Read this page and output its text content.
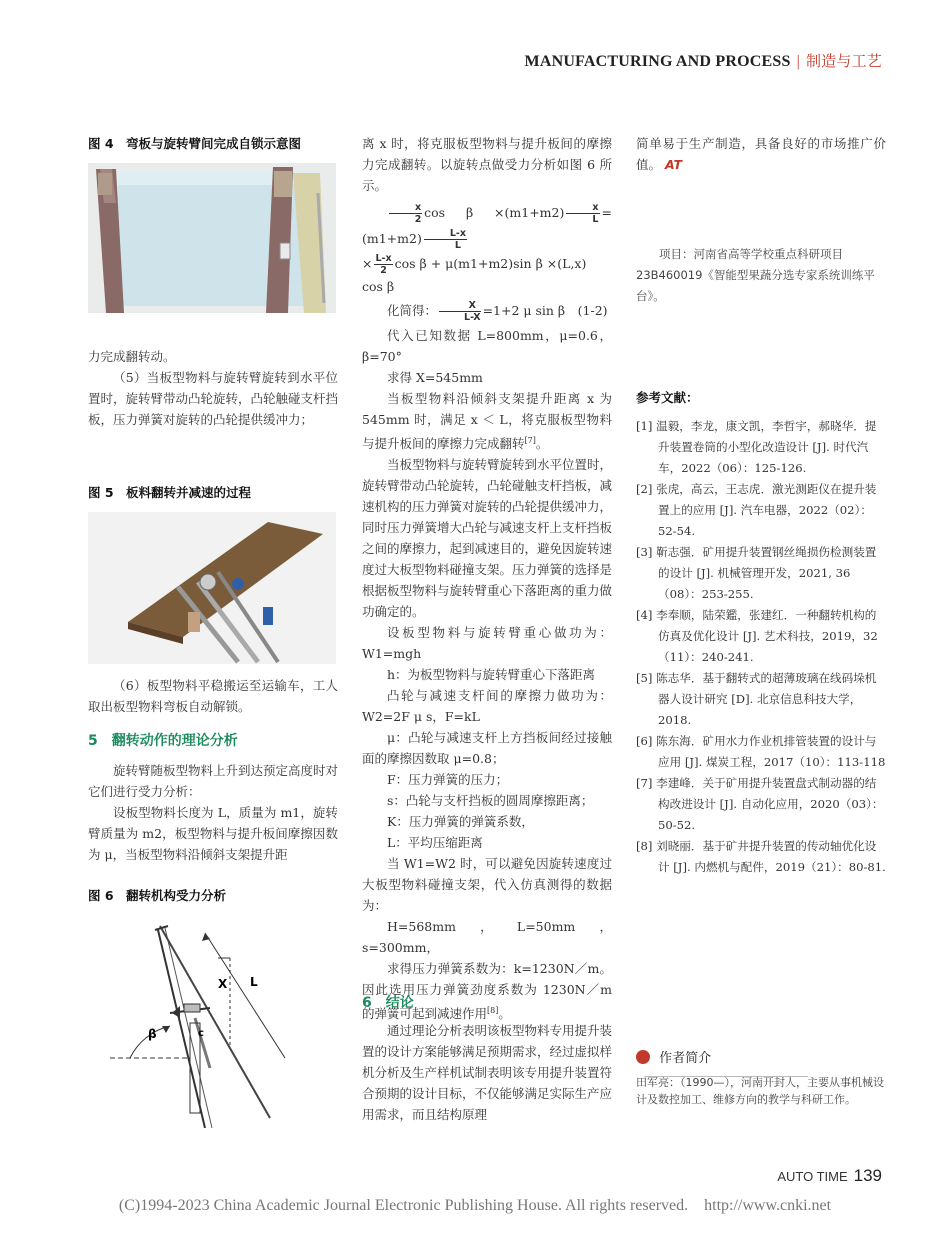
MANUFACTURING AND PROCESS | 制造与工艺
图 4　弯板与旋转臂间完成自锁示意图

力完成翻转动。

（5）当板型物料与旋转臂旋转到水平位置时，旋转臂带动凸轮旋转，凸轮触碰支杆挡板，压力弹簧对旋转的凸轮提供缓冲力；

图 5　板料翻转并减速的过程

（6）板型物料平稳搬运至运输车，工人取出板型物料弯板自动解锁。

5　翻转动作的理论分析

旋转臂随板型物料上升到达预定高度时对它们进行受力分析：

设板型物料长度为 L，质量为 m1，旋转臂质量为 m2，板型物料与提升板间摩擦因数为 μ，当板型物料沿倾斜支架提升距

图 6　翻转机构受力分析
X L
β	c

离 x 时，将克服板型物料与提升板间的摩擦力完成翻转。以旋转点做受力分析如图 6 所示。

$\frac{x}{2}$ $\cos \beta \times(m1+m2) \frac{x}{L} =(m1+m2) \frac{L-x}{L}$

× $\frac{L-x}{2}$ cos β + μ(m1+m2)sin β ×(L,x)

cos β

化简得： $\frac{X}{L-X} =1+2$ μ sin β　(1-2)

代入已知数据 L=800mm，μ=0.6，β=70°

求得 X=545mm

当板型物料沿倾斜支架提升距离 x 为 545mm 时，满足 x ＜ L，将克服板型物料与提升板间的摩擦力完成翻转[7]。

当板型物料与旋转臂旋转到水平位置时，旋转臂带动凸轮旋转，凸轮碰触支杆挡板，减速机构的压力弹簧对旋转的凸轮提供缓冲力，同时压力弹簧增大凸轮与减速支杆上支杆挡板之间的摩擦力，起到减速目的，避免因旋转速度过大板型物料碰撞支架。压力弹簧的选择是根据板型物料与旋转臂重心下落距离的重力做功确定的。

设板型物料与旋转臂重心做功为：W1=mgh

h：为板型物料与旋转臂重心下落距离

凸轮与减速支杆间的摩擦力做功为：W2=2F μ s，F=kL

μ：凸轮与减速支杆上方挡板间经过接触面的摩擦因数取 μ=0.8；

F：压力弹簧的压力；

s：凸轮与支杆挡板的圆周摩擦距离；

K：压力弹簧的弹簧系数，

L：平均压缩距离

当 W1=W2 时，可以避免因旋转速度过大板型物料碰撞支架，代入仿真测得的数据为：

H=568mm，L=50mm，s=300mm，

求得压力弹簧系数为：k=1230N／m。因此选用压力弹簧劲度系数为 1230N／m 的弹簧可起到减速作用[8]。

6　结论

通过理论分析表明该板型物料专用提升装置的设计方案能够满足预期需求，经过虚拟样机分析及生产样机试制表明该专用提升装置符合预期的设计目标，不仅能够满足实际生产应用需求，而且结构原理

简单易于生产制造，具备良好的市场推广价值。 AT

项目：河南省高等学校重点科研项目 23B460019《智能型果蔬分选专家系统训练平台》。

参考文献：

[1] 温毅，李龙，康文凯，李哲宇，郝晓华．提升装置卷筒的小型化改造设计 [J]. 时代汽车，2022（06）：125-126.

[2] 张虎，高云，王志虎．激光测距仪在提升装置上的应用 [J]. 汽车电器，2022（02）：52-54.

[3] 靳志强．矿用提升装置钢丝绳损伤检测装置的设计 [J]. 机械管理开发，2021, 36（08）：253-255.

[4] 李奉顺，陆荣鑑，张建红．一种翻转机构的仿真及优化设计 [J]. 艺术科技，2019，32（11）：240-241.

[5] 陈志华．基于翻转式的超薄玻璃在线码垛机器人设计研究 [D]. 北京信息科技大学，2018.

[6] 陈东海．矿用水力作业机排管装置的设计与应用 [J]. 煤炭工程，2017（10）：113-118

[7] 李建峰．关于矿用提升装置盘式制动器的结构改进设计 [J]. 自动化应用，2020（03）：50-52.

[8] 刘晓丽．基于矿井提升装置的传动轴优化设计 [J]. 内燃机与配件，2019（21）：80-81.

作者简介
田军亮：（1990—），河南开封人，主要从事机械设计及数控加工、维修方向的教学与科研工作。
AUTO TIME 139
(C)1994-2023 China Academic Journal Electronic Publishing House. All rights reserved.　http://www.cnki.net
